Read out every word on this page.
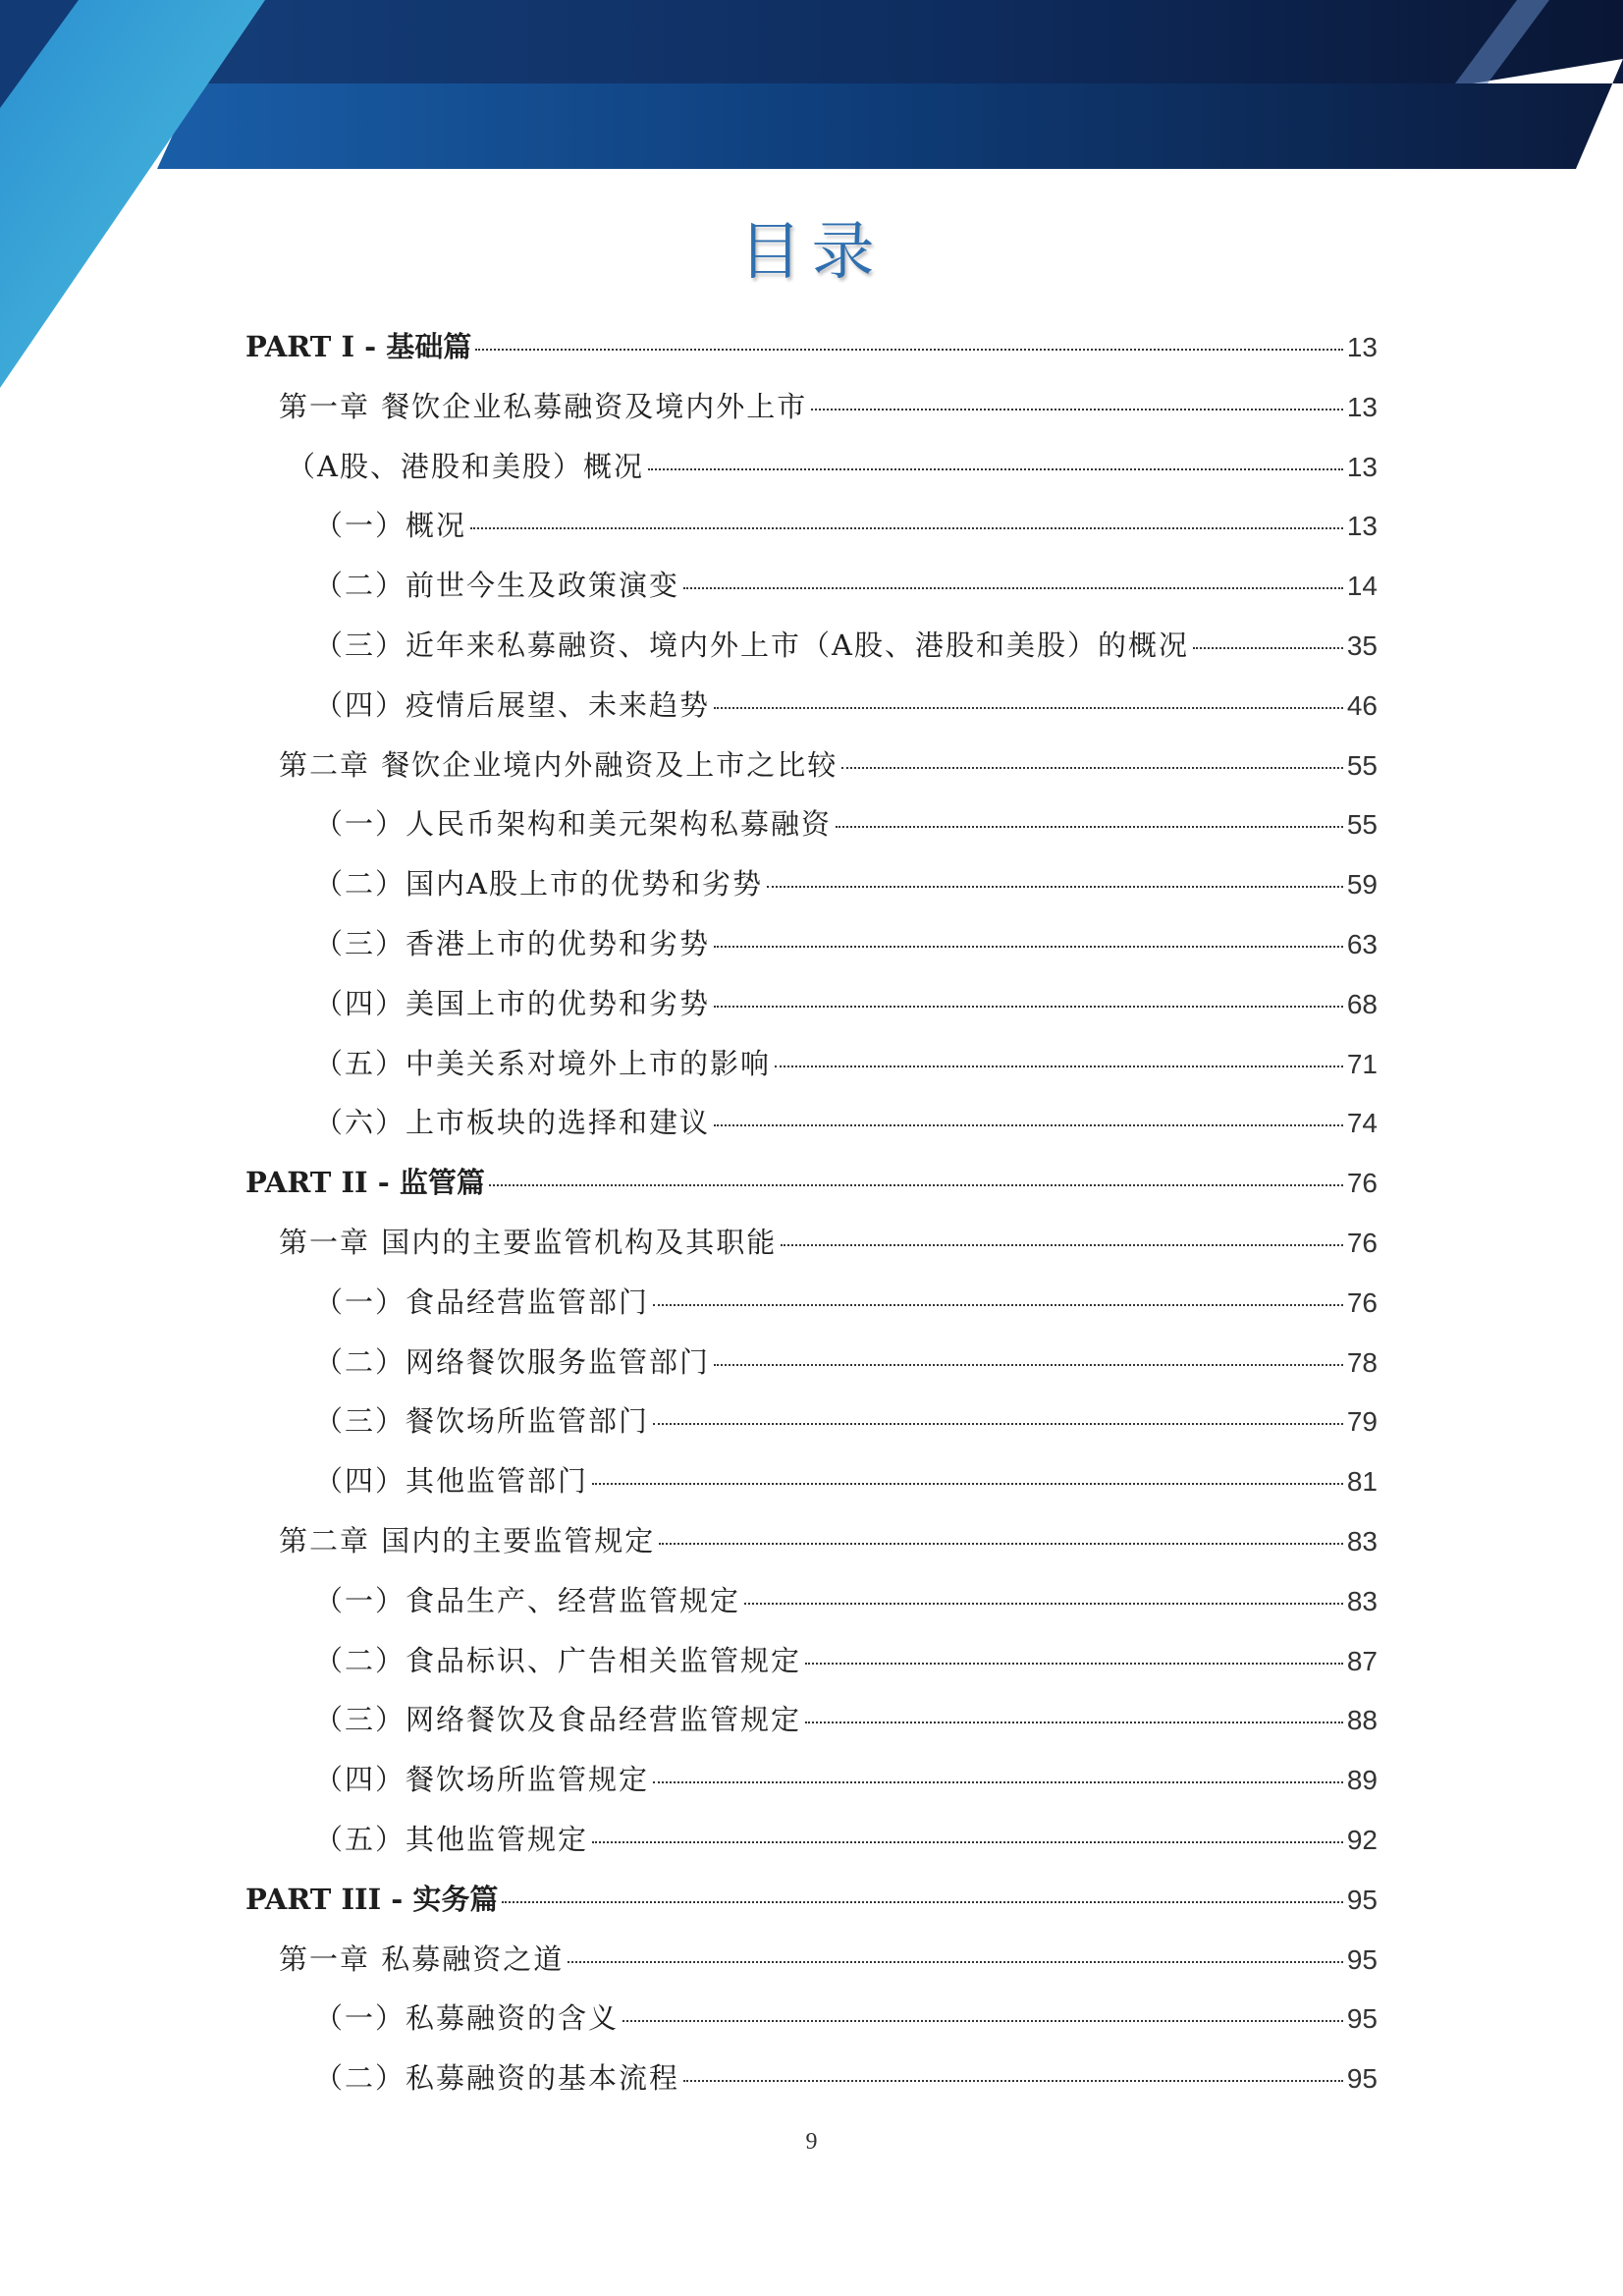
目录
PART I - 基础篇	13
第一章 餐饮企业私募融资及境内外上市	13
（A股、港股和美股）概况	13
（一）概况	13
（二）前世今生及政策演变	14
（三）近年来私募融资、境内外上市（A股、港股和美股）的概况	35
（四）疫情后展望、未来趋势	46
第二章 餐饮企业境内外融资及上市之比较	55
（一）人民币架构和美元架构私募融资	55
（二）国内A股上市的优势和劣势	59
（三）香港上市的优势和劣势	63
（四）美国上市的优势和劣势	68
（五）中美关系对境外上市的影响	71
（六）上市板块的选择和建议	74
PART II - 监管篇	76
第一章 国内的主要监管机构及其职能	76
（一）食品经营监管部门	76
（二）网络餐饮服务监管部门	78
（三）餐饮场所监管部门	79
（四）其他监管部门	81
第二章 国内的主要监管规定	83
（一）食品生产、经营监管规定	83
（二）食品标识、广告相关监管规定	87
（三）网络餐饮及食品经营监管规定	88
（四）餐饮场所监管规定	89
（五）其他监管规定	92
PART III - 实务篇	95
第一章 私募融资之道	95
（一）私募融资的含义	95
（二）私募融资的基本流程	95
9
